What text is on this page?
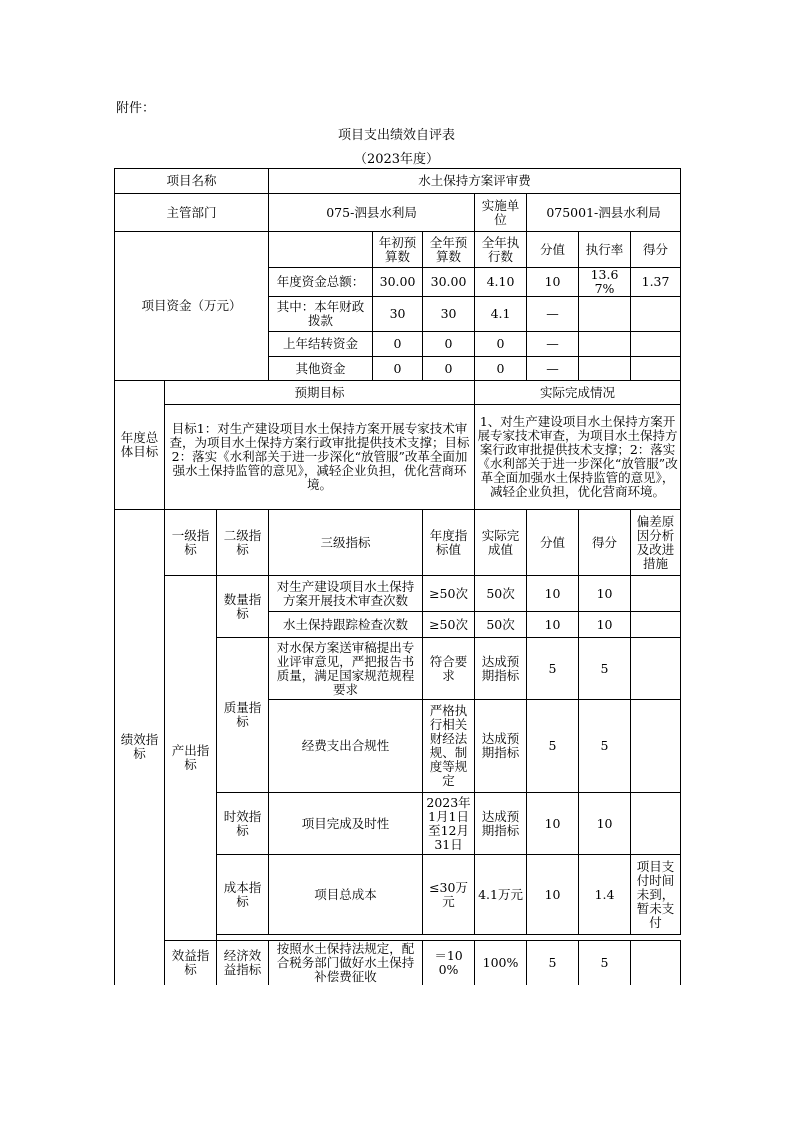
附件：
项目支出绩效自评表
（2023年度）
项目名称			水土保持方案评审费						
主管部门			075-泗县水利局			实施单位	075001-泗县水利局		
项目资金（万元）				年初预算数	全年预算数	全年执行数	分值	执行率	得分
			年度资金总额：	30.00	30.00	4.10	10	13.67%	1.37
			其中：本年财政拨款	30	30	4.1	—		
			上年结转资金	0	0	0	—		
			其他资金	0	0	0	—		
年度总体目标	预期目标					实际完成情况			
	目标1：对生产建设项目水土保持方案开展专家技术审查，为项目水土保持方案行政审批提供技术支撑；目标2：落实《水利部关于进一步深化“放管服”改革全面加强水土保持监管的意见》，减轻企业负担，优化营商环境。					1、对生产建设项目水土保持方案开展专家技术审查，为项目水土保持方案行政审批提供技术支撑；2：落实《水利部关于进一步深化“放管服”改革全面加强水土保持监管的意见》，减轻企业负担，优化营商环境。			
绩效指标	一级指标	二级指标	三级指标		年度指标值	实际完成值	分值	得分	偏差原因分析及改进措施
	产出指标	数量指标	对生产建设项目水土保持方案开展技术审查次数		≥50次	50次	10	10	
			水土保持跟踪检查次数		≥50次	50次	10	10	
		质量指标	对水保方案送审稿提出专业评审意见，严把报告书质量，满足国家规范规程要求		符合要求	达成预期指标	5	5	
			经费支出合规性		严格执行相关财经法规、制度等规定	达成预期指标	5	5	
		时效指标	项目完成及时性		2023年1月1日至12月31日	达成预期指标	10	10	
		成本指标	项目总成本		≤30万元	4.1万元	10	1.4	项目支付时间未到，暂未支付

	效益指标	经济效益指标	按照水土保持法规定，配合税务部门做好水土保持补偿费征收		＝100%	100%	5	5	
